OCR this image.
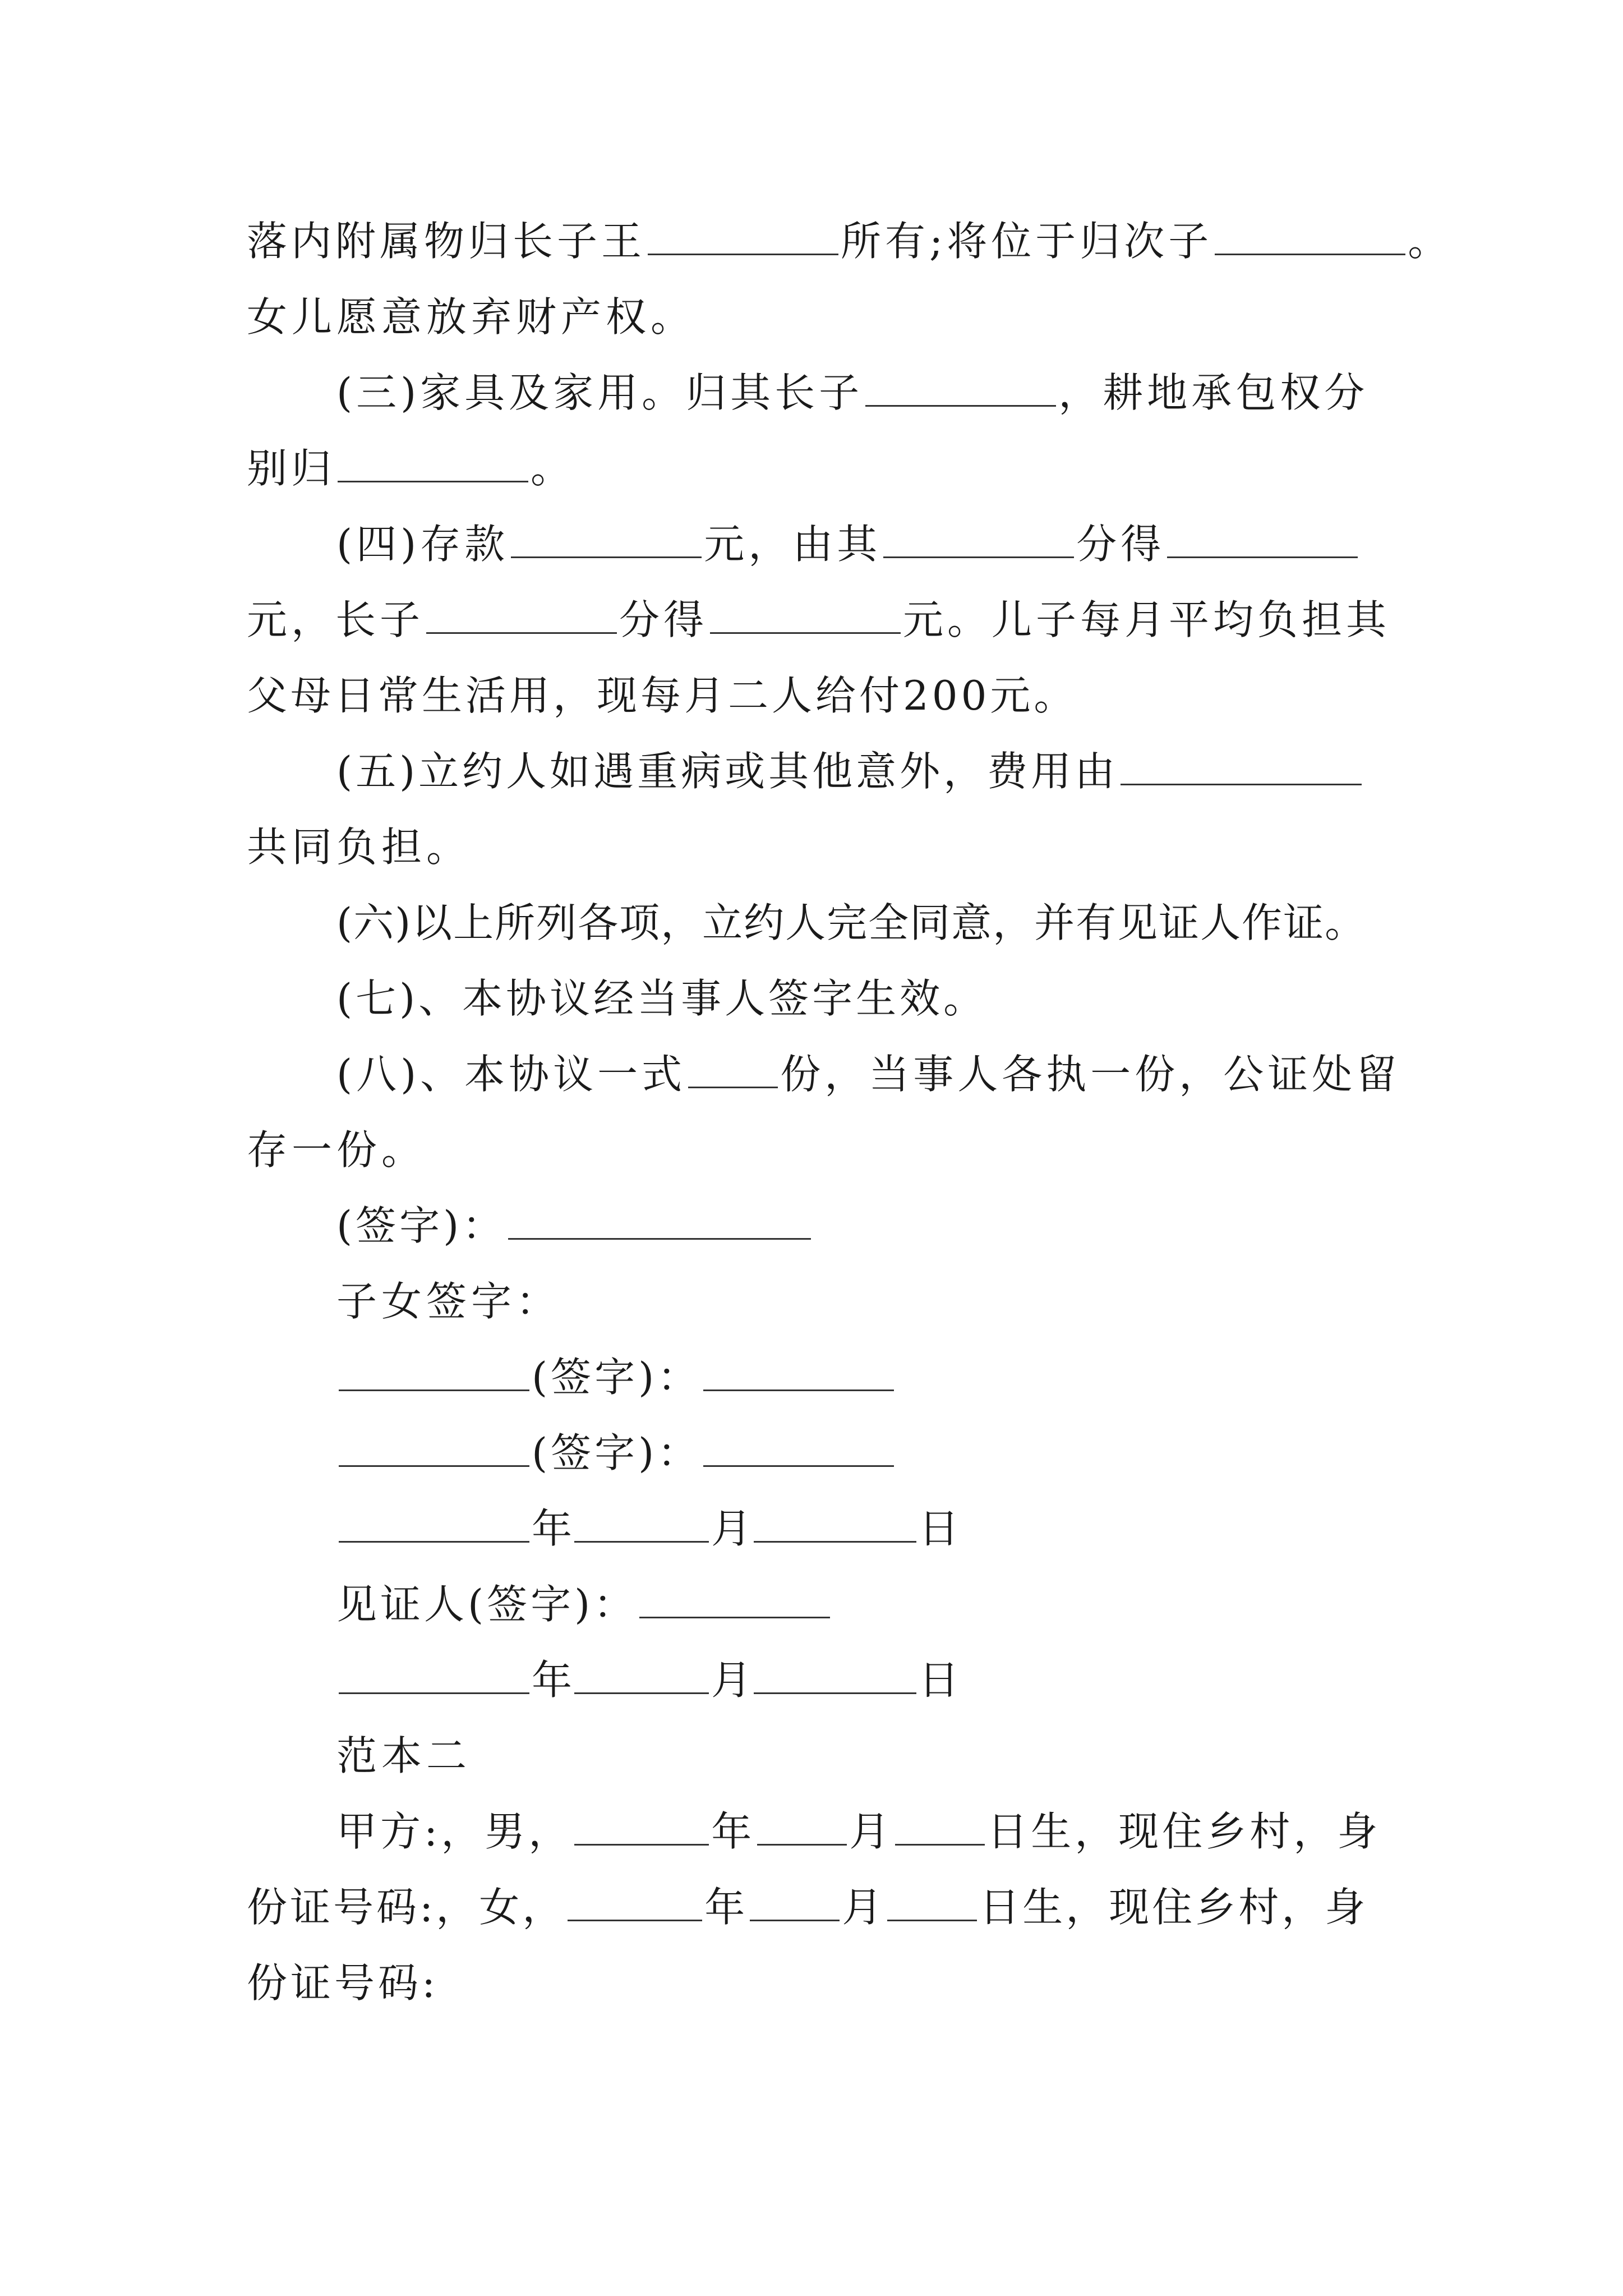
落内附属物归长子王	所有;将位于归次子	。
女儿愿意放弃财产权。
(三)家具及家用。归其长子	，耕地承包权分
别归	。
(四)存款	元，由其	分得
元，长子	分得	元。儿子每月平均负担其
父母日常生活用，现每月二人给付200元。
(五)立约人如遇重病或其他意外，费用由
共同负担。
(六)以上所列各项，立约人完全同意，并有见证人作证。
(七)、本协议经当事人签字生效。
(八)、本协议一式 份，当事人各执一份，公证处留
存一份。
(签字)：
子女签字：
(签字)：
(签字)：
年	月	日
见证人(签字)：
年	月	日
范本二
甲方:，男，	年 月 日生，现住乡村，身
份证号码:，女，	年 月 日生，现住乡村，身
份证号码:
